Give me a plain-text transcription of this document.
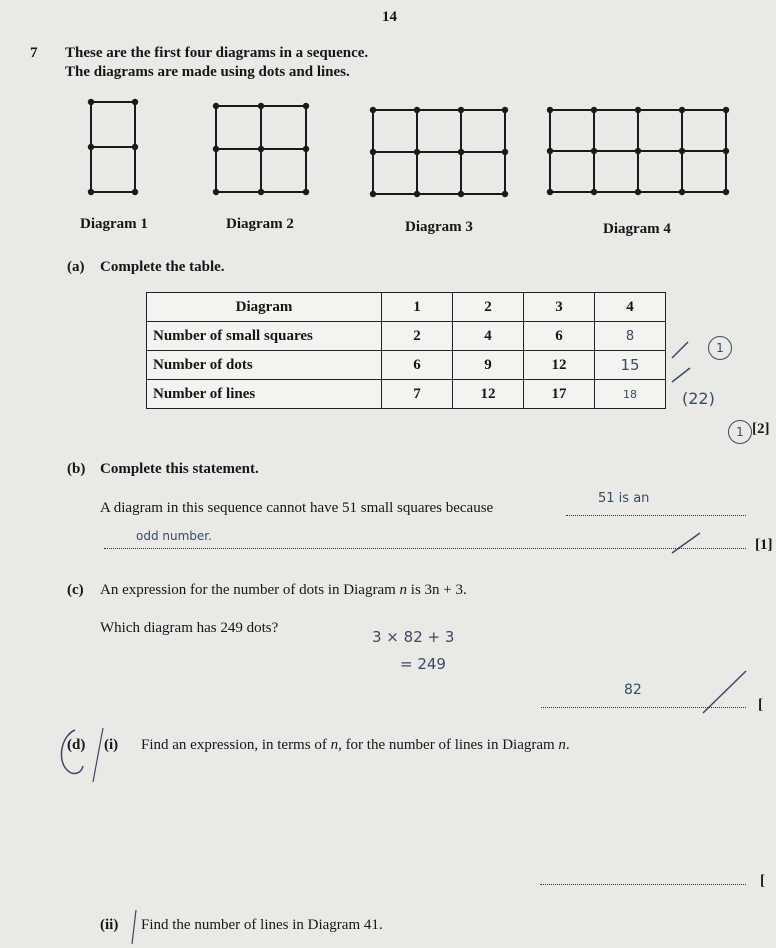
14
7 These are the first four diagrams in a sequence.
The diagrams are made using dots and lines.
Diagram 1	Diagram 2	Diagram 3	Diagram 4
(a) Complete the table.
Diagram	1	2	3	4
Number of small squares	2	4	6	8
Number of dots	6	9	12	15
Number of lines	7	12	17	18
1
(22)
1 [2]
(b) Complete this statement.
A diagram in this sequence cannot have 51 small squares because
51 is an
odd number.
[1]
(c) An expression for the number of dots in Diagram n is 3n + 3.
Which diagram has 249 dots?	3 × 82 + 3
= 249
82
[
(d) (i) Find an expression, in terms of n, for the number of lines in Diagram n.
[
(ii) Find the number of lines in Diagram 41.
